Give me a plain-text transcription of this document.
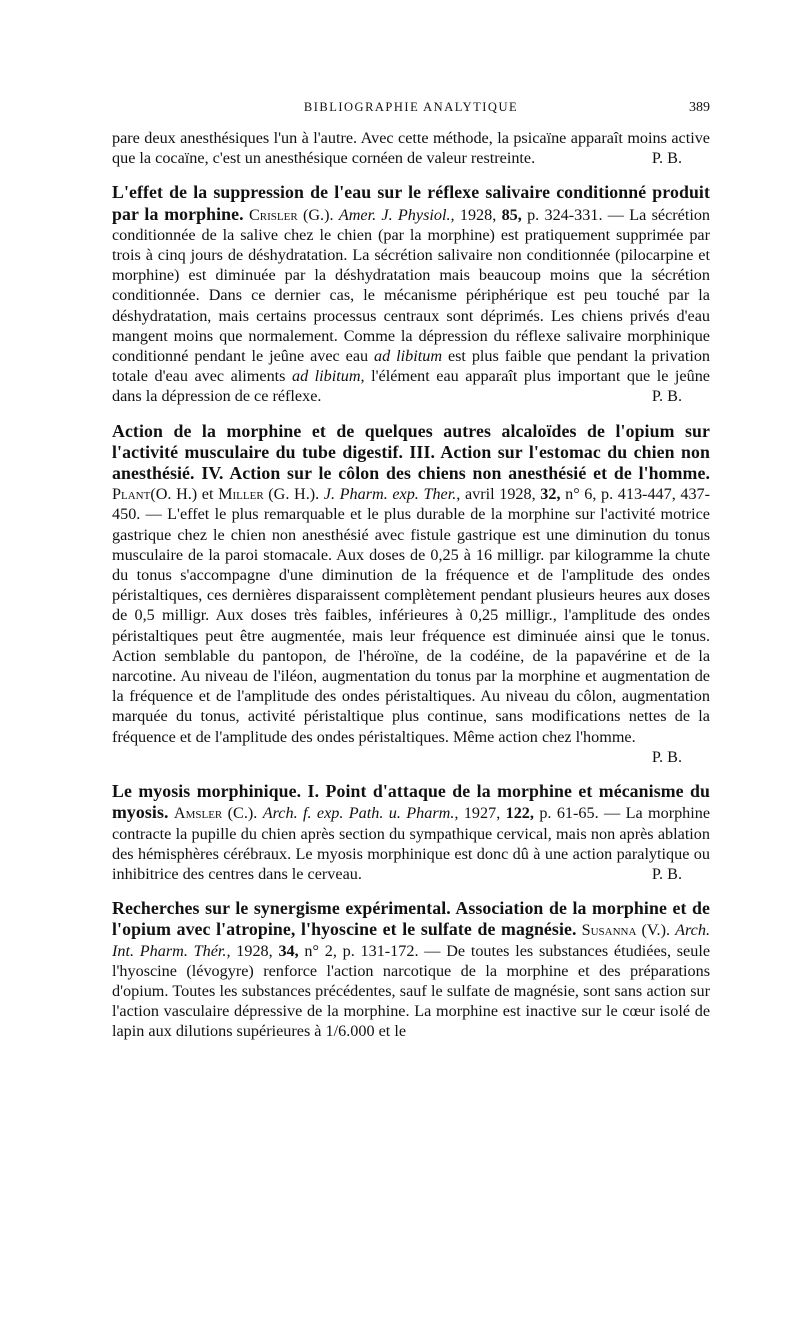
BIBLIOGRAPHIE ANALYTIQUE	389

pare deux anesthésiques l'un à l'autre. Avec cette méthode, la psicaïne apparaît moins active que la cocaïne, c'est un anesthésique cornéen de valeur restreinte.	P. B.

L'effet de la suppression de l'eau sur le réflexe salivaire conditionné produit par la morphine. Crisler (G.). Amer. J. Physiol., 1928, 85, p. 324-331. — La sécrétion conditionnée de la salive chez le chien (par la morphine) est pratiquement supprimée par trois à cinq jours de déshydratation. La sécrétion salivaire non conditionnée (pilocarpine et morphine) est diminuée par la déshydratation mais beaucoup moins que la sécrétion conditionnée. Dans ce dernier cas, le mécanisme périphérique est peu touché par la déshydratation, mais certains processus centraux sont déprimés. Les chiens privés d'eau mangent moins que normalement. Comme la dépression du réflexe salivaire morphinique conditionné pendant le jeûne avec eau ad libitum est plus faible que pendant la privation totale d'eau avec aliments ad libitum, l'élément eau apparaît plus important que le jeûne dans la dépression de ce réflexe.	P. B.

Action de la morphine et de quelques autres alcaloïdes de l'opium sur l'activité musculaire du tube digestif. III. Action sur l'estomac du chien non anesthésié. IV. Action sur le côlon des chiens non anesthésié et de l'homme. Plant(O. H.) et Miller (G. H.). J. Pharm. exp. Ther., avril 1928, 32, n° 6, p. 413-447, 437-450. — L'effet le plus remarquable et le plus durable de la morphine sur l'activité motrice gastrique chez le chien non anesthésié avec fistule gastrique est une diminution du tonus musculaire de la paroi stomacale. Aux doses de 0,25 à 16 milligr. par kilogramme la chute du tonus s'accompagne d'une diminution de la fréquence et de l'amplitude des ondes péristaltiques, ces dernières disparaissent complètement pendant plusieurs heures aux doses de 0,5 milligr. Aux doses très faibles, inférieures à 0,25 milligr., l'amplitude des ondes péristaltiques peut être augmentée, mais leur fréquence est diminuée ainsi que le tonus. Action semblable du pantopon, de l'héroïne, de la codéine, de la papavérine et de la narcotine. Au niveau de l'iléon, augmentation du tonus par la morphine et augmentation de la fréquence et de l'amplitude des ondes péristaltiques. Au niveau du côlon, augmentation marquée du tonus, activité péristaltique plus continue, sans modifications nettes de la fréquence et de l'amplitude des ondes péristaltiques. Même action chez l'homme.
P. B.

Le myosis morphinique. I. Point d'attaque de la morphine et mécanisme du myosis. Amsler (C.). Arch. f. exp. Path. u. Pharm., 1927, 122, p. 61-65. — La morphine contracte la pupille du chien après section du sympathique cervical, mais non après ablation des hémisphères cérébraux. Le myosis morphinique est donc dû à une action paralytique ou inhibitrice des centres dans le cerveau.	P. B.

Recherches sur le synergisme expérimental. Association de la morphine et de l'opium avec l'atropine, l'hyoscine et le sulfate de magnésie. Susanna (V.). Arch. Int. Pharm. Thér., 1928, 34, n° 2, p. 131-172. — De toutes les substances étudiées, seule l'hyoscine (lévogyre) renforce l'action narcotique de la morphine et des préparations d'opium. Toutes les substances précédentes, sauf le sulfate de magnésie, sont sans action sur l'action vasculaire dépressive de la morphine. La morphine est inactive sur le cœur isolé de lapin aux dilutions supérieures à 1/6.000 et le
